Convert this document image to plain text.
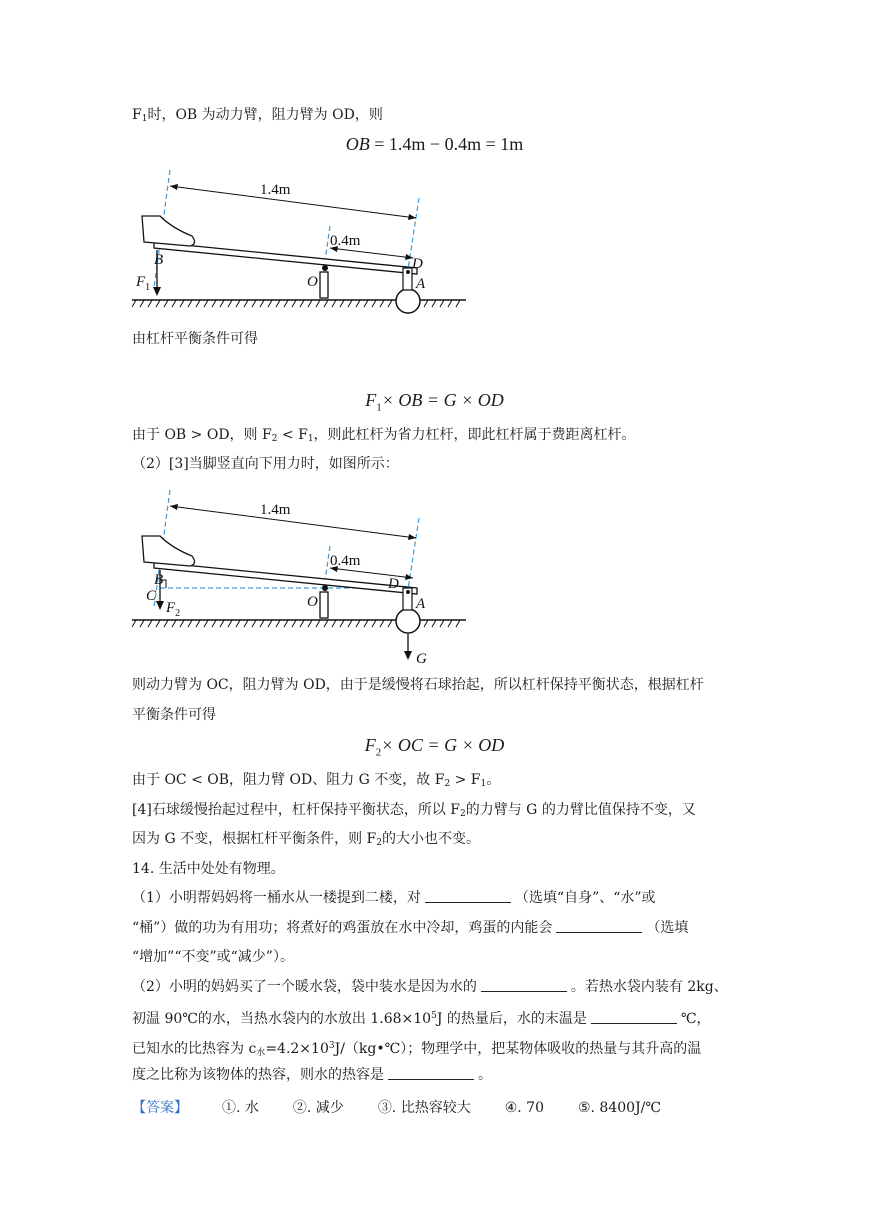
$F_1$时，OB 为动力臂，阻力臂为 OD，则
OB = 1.4m − 0.4m = 1m
1.4m
0.4m
B
O
D
A
$F_1$
由杠杆平衡条件可得
$F_1\times$ OB = G × OD
由于 OB > OD，则 $F_2 < F_1$，则此杠杆为省力杠杆，即此杠杆属于费距离杠杆。
（2）[3]当脚竖直向下用力时，如图所示：
1.4m
0.4m
B
C	O
D
A
$F_2$
G
则动力臂为 OC，阻力臂为 OD，由于是缓慢将石球抬起，所以杠杆保持平衡状态，根据杠杆
平衡条件可得
$F_2\times$ OC = G × OD
由于 OC < OB，阻力臂 OD、阻力 G 不变，故 $F_2 > F_1$。
[4]石球缓慢抬起过程中，杠杆保持平衡状态，所以 $F_2$的力臂与 G 的力臂比值保持不变，又
因为 G 不变，根据杠杆平衡条件，则 $F_2$的大小也不变。
14. 生活中处处有物理。
（1）小明帮妈妈将一桶水从一楼提到二楼，对	（选填“自身”、“水”或
“桶”）做的功为有用功；将煮好的鸡蛋放在水中冷却，鸡蛋的内能会	（选填
“增加”“不变”或“减少”）。
（2）小明的妈妈买了一个暖水袋，袋中装水是因为水的	。若热水袋内装有 2kg、
初温 90℃的水，当热水袋内的水放出 $1.68\times 10^5J$ 的热量后，水的末温是	℃，
已知水的比热容为 $c_水=4.2\times 10^3J/(kg•℃)$；物理学中，把某物体吸收的热量与其升高的温
度之比称为该物体的热容，则水的热容是	。
【答案】 ①. 水 ②. 减少 ③. 比热容较大 ④. 70 ⑤. 8400J/℃
